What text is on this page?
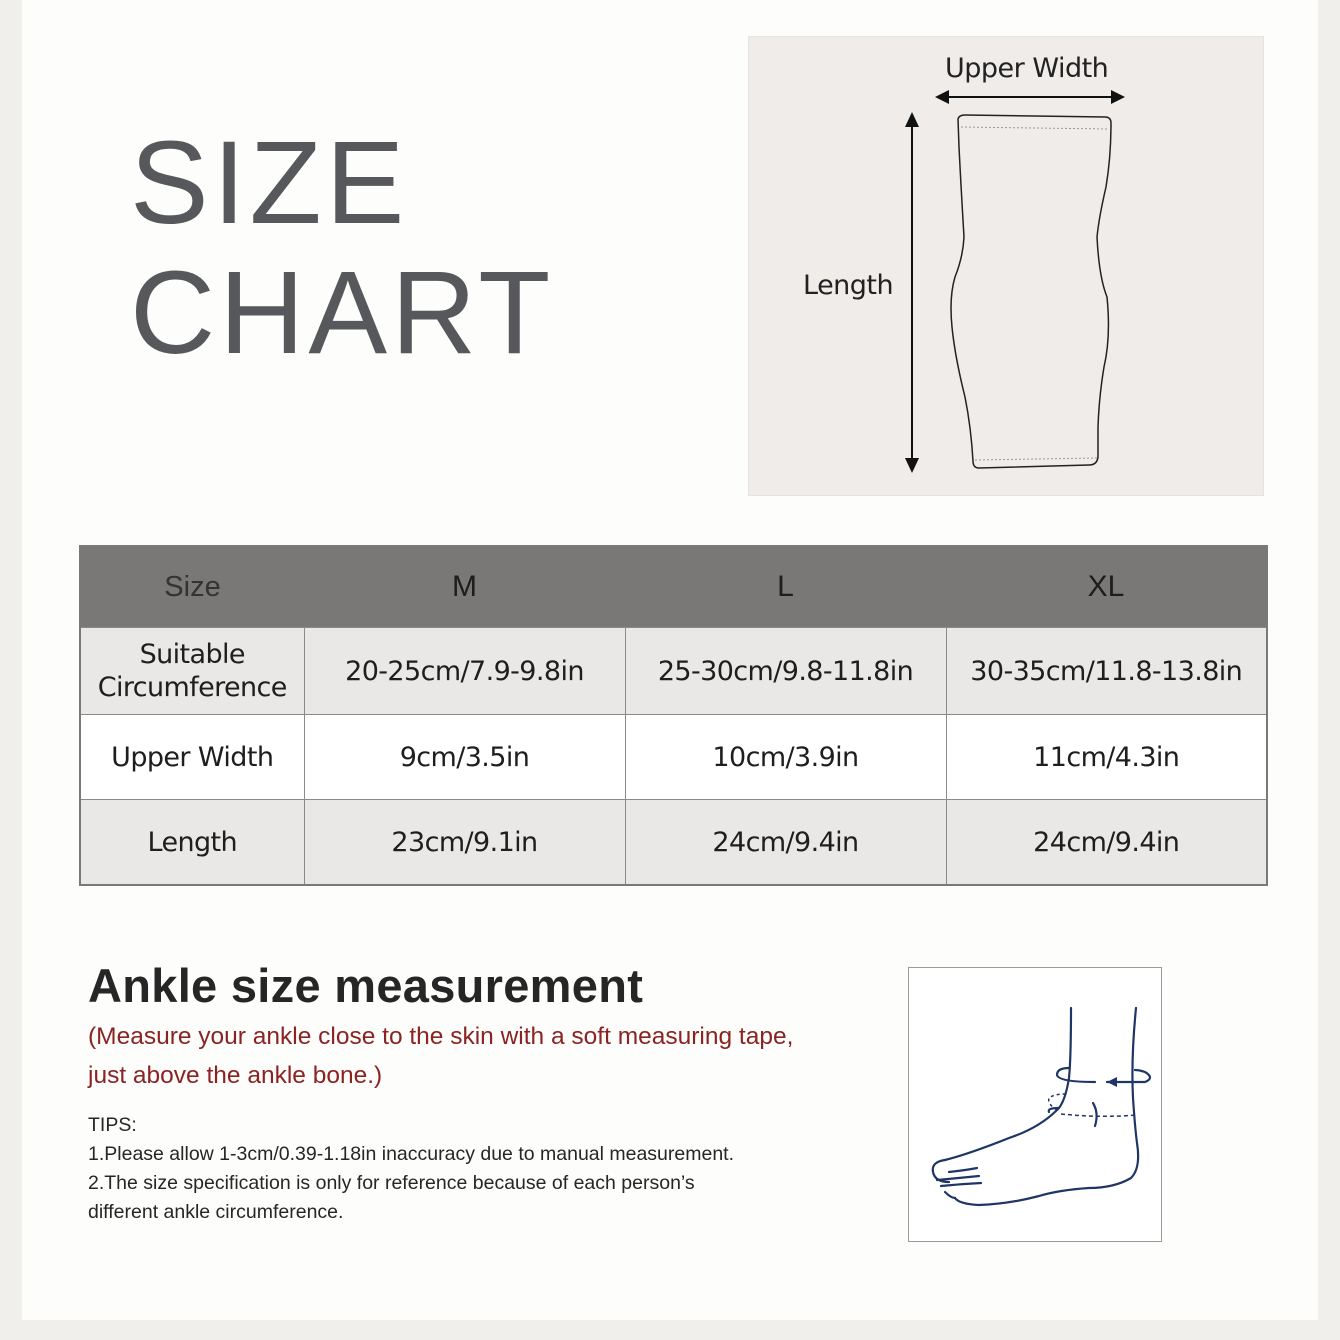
SIZE
CHART
Upper Width
Length
Size	M	L	XL
Suitable
Circumference	20-25cm/7.9-9.8in	25-30cm/9.8-11.8in	30-35cm/11.8-13.8in
Upper Width	9cm/3.5in	10cm/3.9in	11cm/4.3in
Length	23cm/9.1in	24cm/9.4in	24cm/9.4in
Ankle size measurement
(Measure your ankle close to the skin with a soft measuring tape,
just above the ankle bone.)
TIPS:
1.Please allow 1-3cm/0.39-1.18in inaccuracy due to manual measurement.
2.The size specification is only for reference because of each person’s
different ankle circumference.
